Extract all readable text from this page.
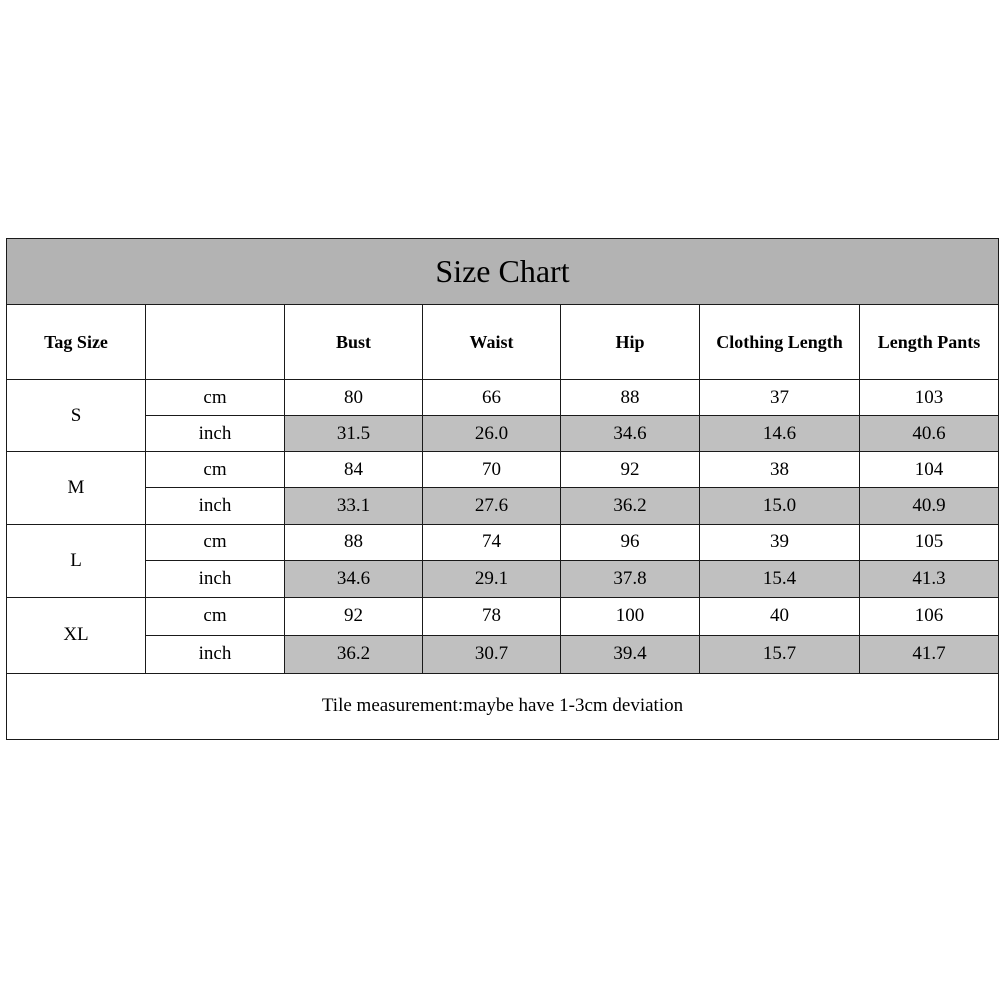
Size Chart						
Tag Size		Bust	Waist	Hip	Clothing Length	Length Pants
S	cm	80	66	88	37	103
	inch	31.5	26.0	34.6	14.6	40.6
M	cm	84	70	92	38	104
	inch	33.1	27.6	36.2	15.0	40.9
L	cm	88	74	96	39	105
	inch	34.6	29.1	37.8	15.4	41.3
XL	cm	92	78	100	40	106
	inch	36.2	30.7	39.4	15.7	41.7
Tile measurement:maybe have 1-3cm deviation						
